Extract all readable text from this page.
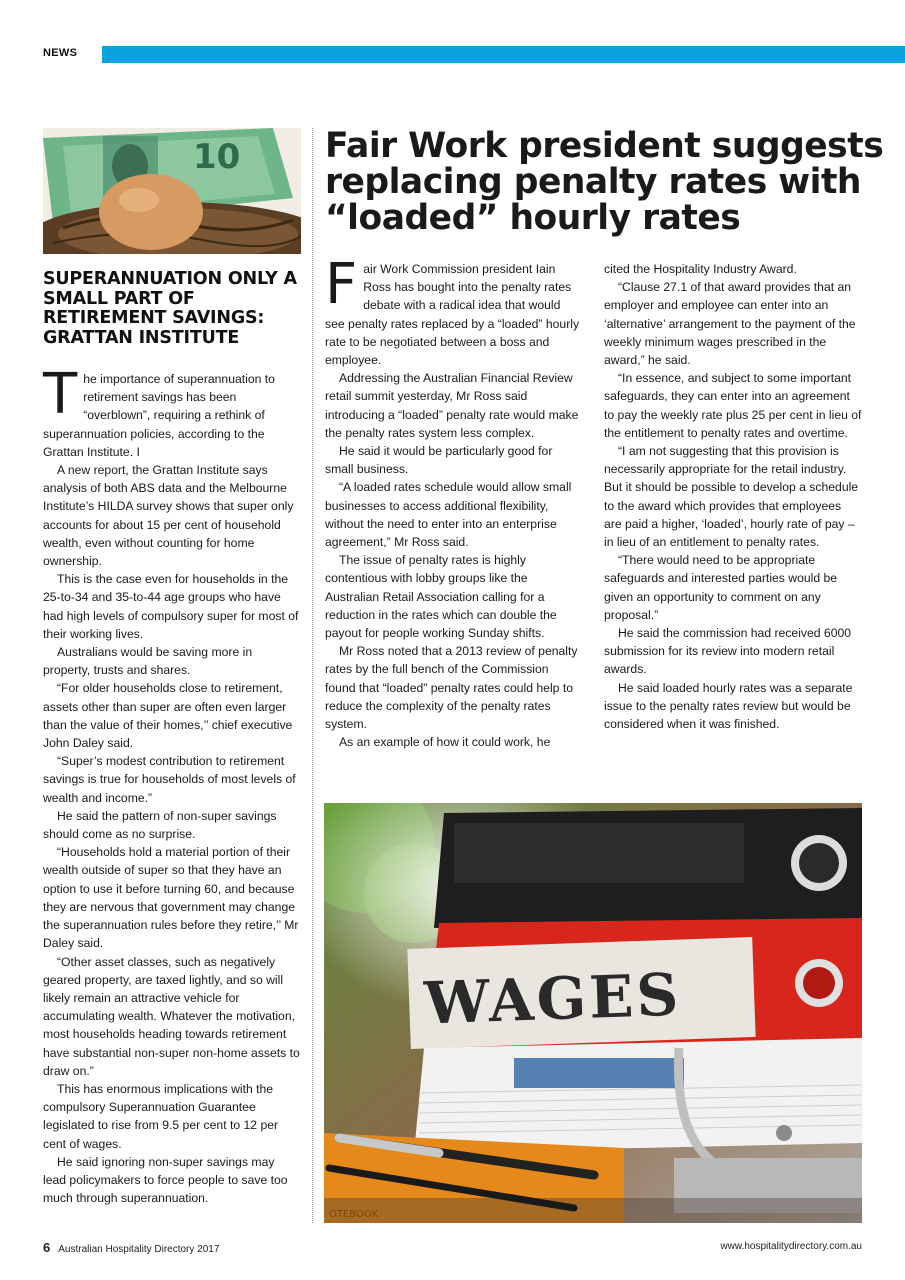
NEWS
10
SUPERANNUATION ONLY A SMALL PART OF RETIREMENT SAVINGS: GRATTAN INSTITUTE
Fair Work president suggests replacing penalty rates with “loaded” hourly rates

The importance of superannuation to retirement savings has been “overblown”, requiring a rethink of superannuation policies, according to the Grattan Institute. I

A new report, the Grattan Institute says analysis of both ABS data and the Melbourne Institute’s HILDA survey shows that super only accounts for about 15 per cent of household wealth, even without counting for home ownership.

This is the case even for households in the 25-to-34 and 35-to-44 age groups who have had high levels of compulsory super for most of their working lives.

Australians would be saving more in property, trusts and shares.

“For older households close to retirement, assets other than super are often even larger than the value of their homes,’’ chief executive John Daley said.

“Super’s modest contribution to retirement savings is true for households of most levels of wealth and income.”

He said the pattern of non-super savings should come as no surprise.

“Households hold a material portion of their wealth outside of super so that they have an option to use it before turning 60, and because they are nervous that government may change the superannuation rules before they retire,’’ Mr Daley said.

“Other asset classes, such as negatively geared property, are taxed lightly, and so will likely remain an attractive vehicle for accumulating wealth. Whatever the motivation, most households heading towards retirement have substantial non-super non-home assets to draw on.”

This has enormous implications with the compulsory Superannuation Guarantee legislated to rise from 9.5 per cent to 12 per cent of wages.

He said ignoring non-super savings may lead policymakers to force people to save too much through superannuation.

Fair Work Commission president Iain Ross has bought into the penalty rates debate with a radical idea that would see penalty rates replaced by a “loaded” hourly rate to be negotiated between a boss and employee.

Addressing the Australian Financial Review retail summit yesterday, Mr Ross said introducing a “loaded” penalty rate would make the penalty rates system less complex.

He said it would be particularly good for small business.

“A loaded rates schedule would allow small businesses to access additional flexibility, without the need to enter into an enterprise agreement,” Mr Ross said.

The issue of penalty rates is highly contentious with lobby groups like the Australian Retail Association calling for a reduction in the rates which can double the payout for people working Sunday shifts.

Mr Ross noted that a 2013 review of penalty rates by the full bench of the Commission found that “loaded” penalty rates could help to reduce the complexity of the penalty rates system.

As an example of how it could work, he

cited the Hospitality Industry Award.

“Clause 27.1 of that award provides that an employer and employee can enter into an ‘alternative’ arrangement to the payment of the weekly minimum wages prescribed in the award,” he said.

“In essence, and subject to some important safeguards, they can enter into an agreement to pay the weekly rate plus 25 per cent in lieu of the entitlement to penalty rates and overtime.

“I am not suggesting that this provision is necessarily appropriate for the retail industry. But it should be possible to develop a schedule to the award which provides that employees are paid a higher, ‘loaded’, hourly rate of pay – in lieu of an entitlement to penalty rates.

“There would need to be appropriate safeguards and interested parties would be given an opportunity to comment on any proposal.”

He said the commission had received 6000 submission for its review into modern retail awards.

He said loaded hourly rates was a separate issue to the penalty rates review but would be considered when it was finished.

WAGES
OTEBOOK
6 Australian Hospitality Directory 2017	www.hospitalitydirectory.com.au
